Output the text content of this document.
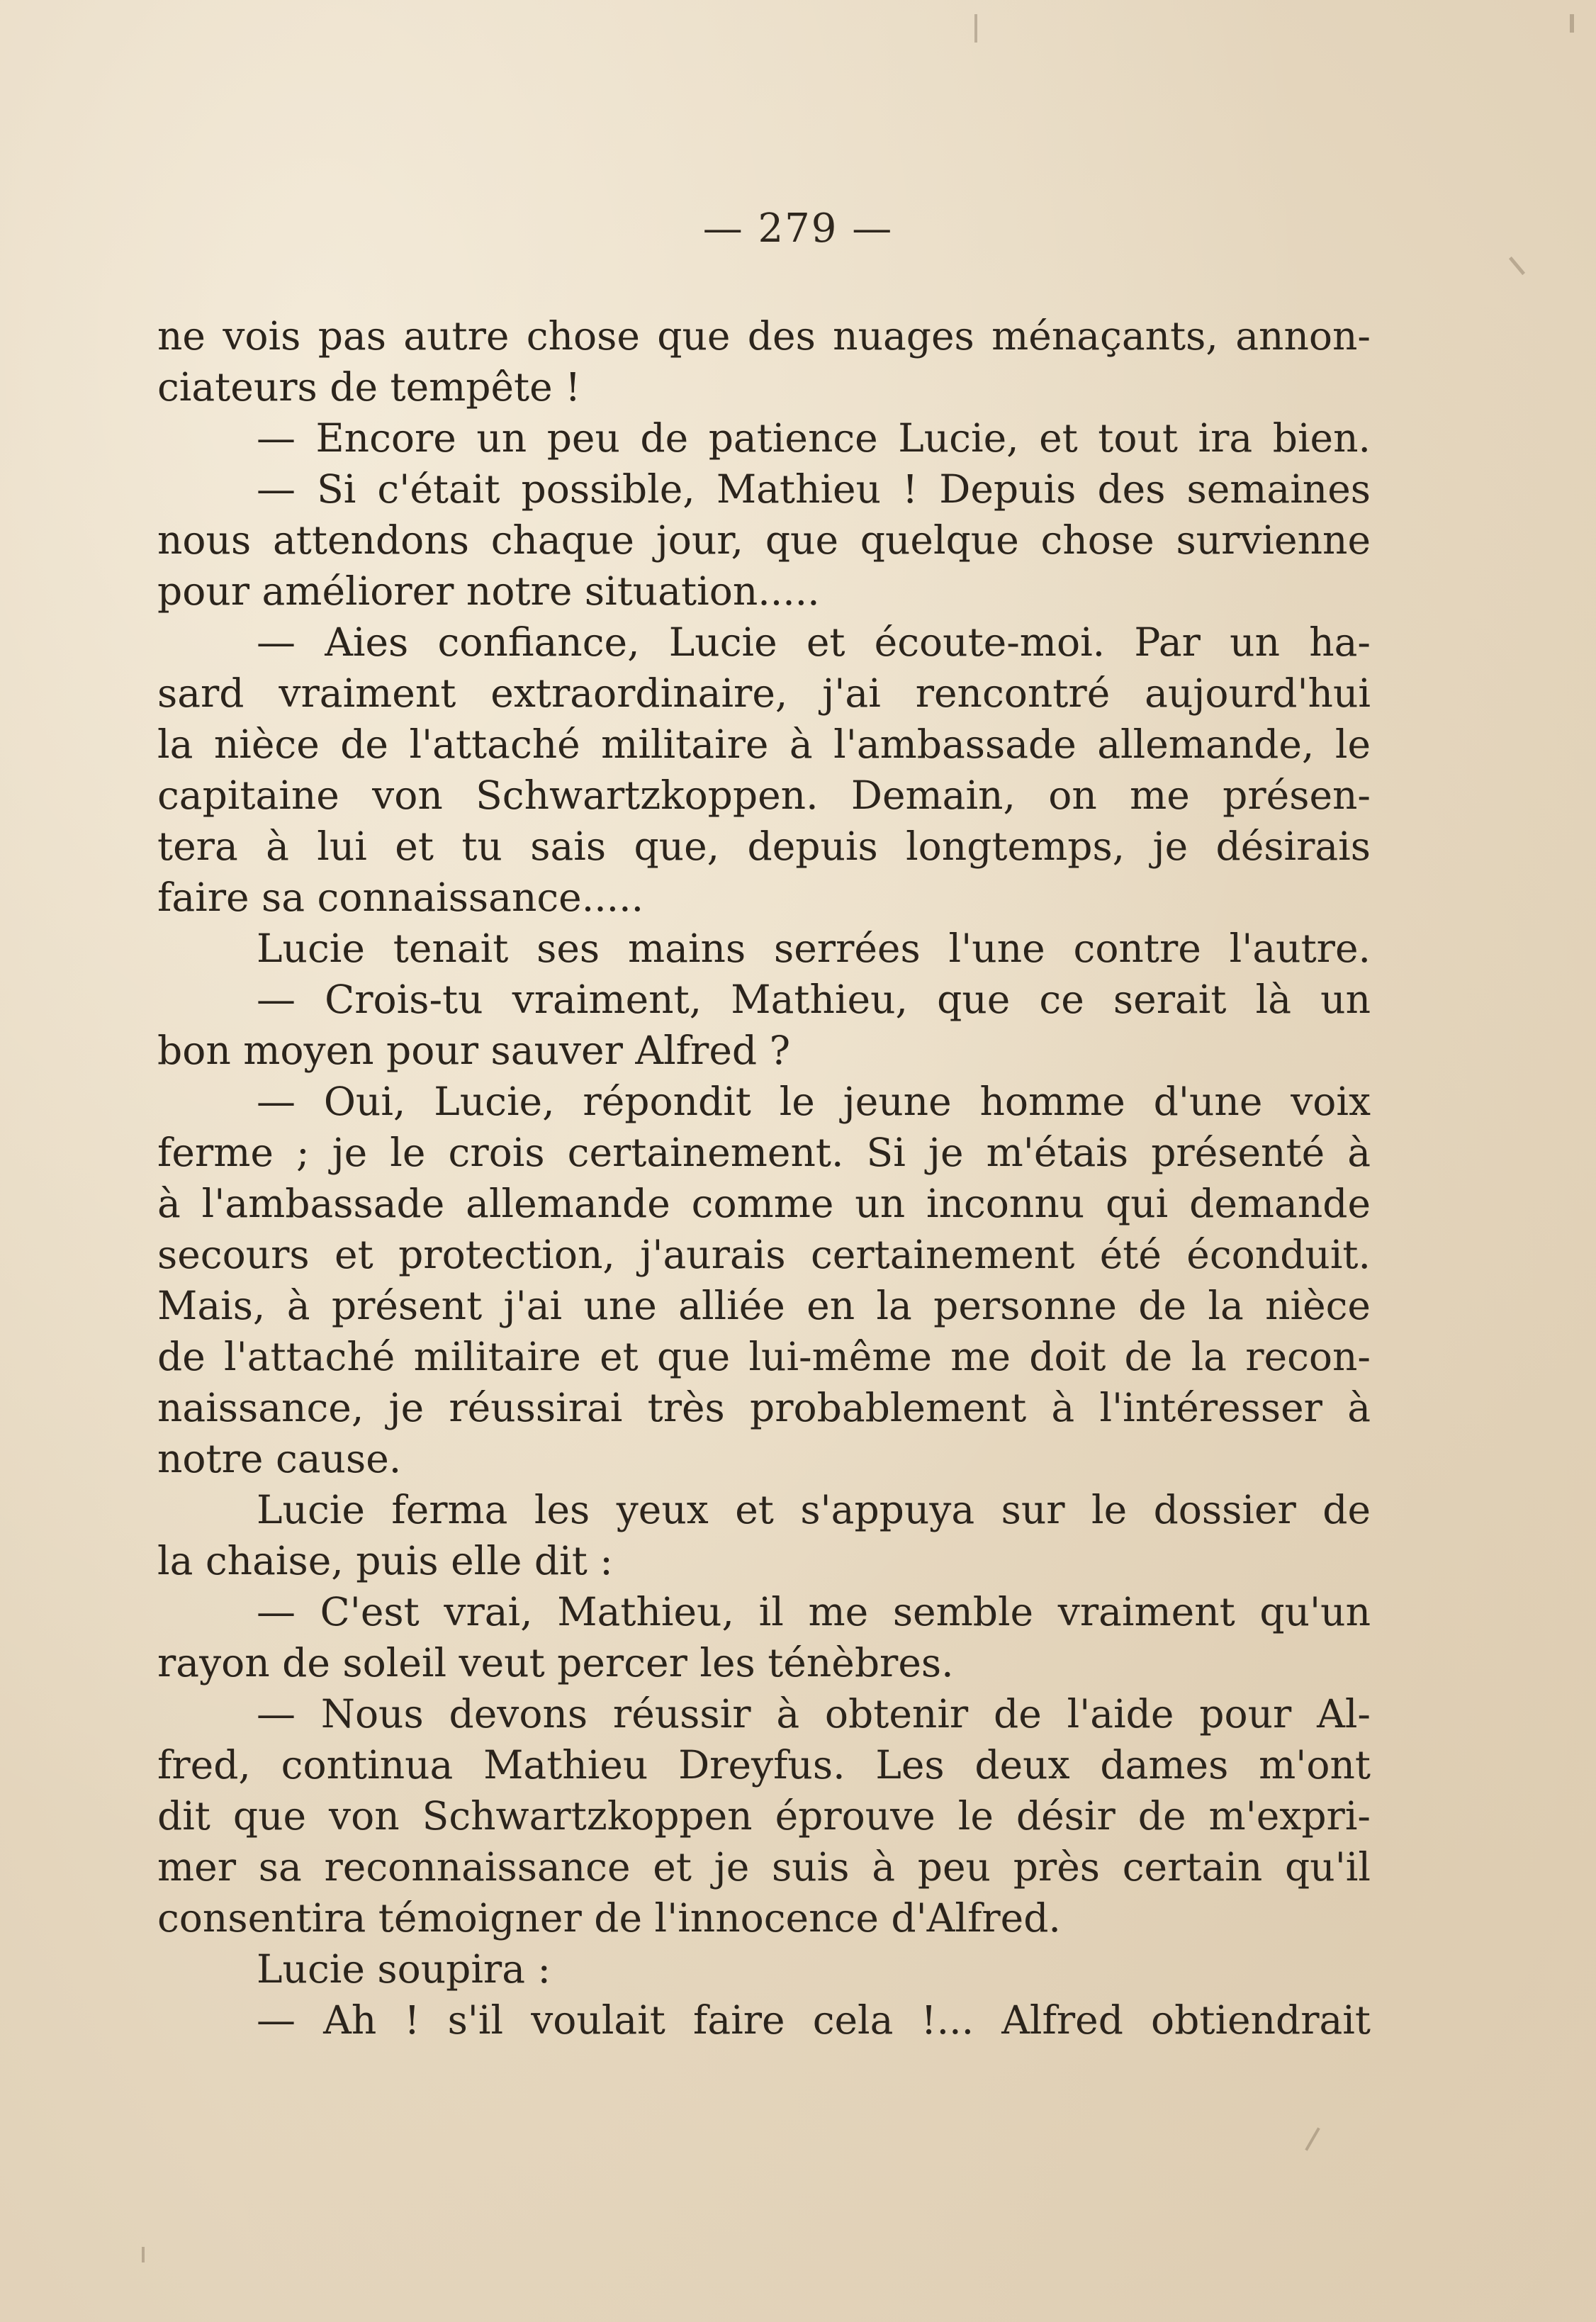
— 279 —
ne vois pas autre chose que des nuages ménaçants, annon-
ciateurs de tempête !
— Encore un peu de patience Lucie, et tout ira bien.
— Si c'était possible, Mathieu ! Depuis des semaines
nous attendons chaque jour, que quelque chose survienne
pour améliorer notre situation.....
— Aies confiance, Lucie et écoute-moi. Par un ha-
sard vraiment extraordinaire, j'ai rencontré aujourd'hui
la nièce de l'attaché militaire à l'ambassade allemande, le
capitaine von Schwartzkoppen. Demain, on me présen-
tera à lui et tu sais que, depuis longtemps, je désirais
faire sa connaissance.....
Lucie tenait ses mains serrées l'une contre l'autre.
— Crois-tu vraiment, Mathieu, que ce serait là un
bon moyen pour sauver Alfred ?
— Oui, Lucie, répondit le jeune homme d'une voix
ferme ; je le crois certainement. Si je m'étais présenté à
à l'ambassade allemande comme un inconnu qui demande
secours et protection, j'aurais certainement été éconduit.
Mais, à présent j'ai une alliée en la personne de la nièce
de l'attaché militaire et que lui-même me doit de la recon-
naissance, je réussirai très probablement à l'intéresser à
notre cause.
Lucie ferma les yeux et s'appuya sur le dossier de
la chaise, puis elle dit :
— C'est vrai, Mathieu, il me semble vraiment qu'un
rayon de soleil veut percer les ténèbres.
— Nous devons réussir à obtenir de l'aide pour Al-
fred, continua Mathieu Dreyfus. Les deux dames m'ont
dit que von Schwartzkoppen éprouve le désir de m'expri-
mer sa reconnaissance et je suis à peu près certain qu'il
consentira témoigner de l'innocence d'Alfred.
Lucie soupira :
— Ah ! s'il voulait faire cela !... Alfred obtiendrait
